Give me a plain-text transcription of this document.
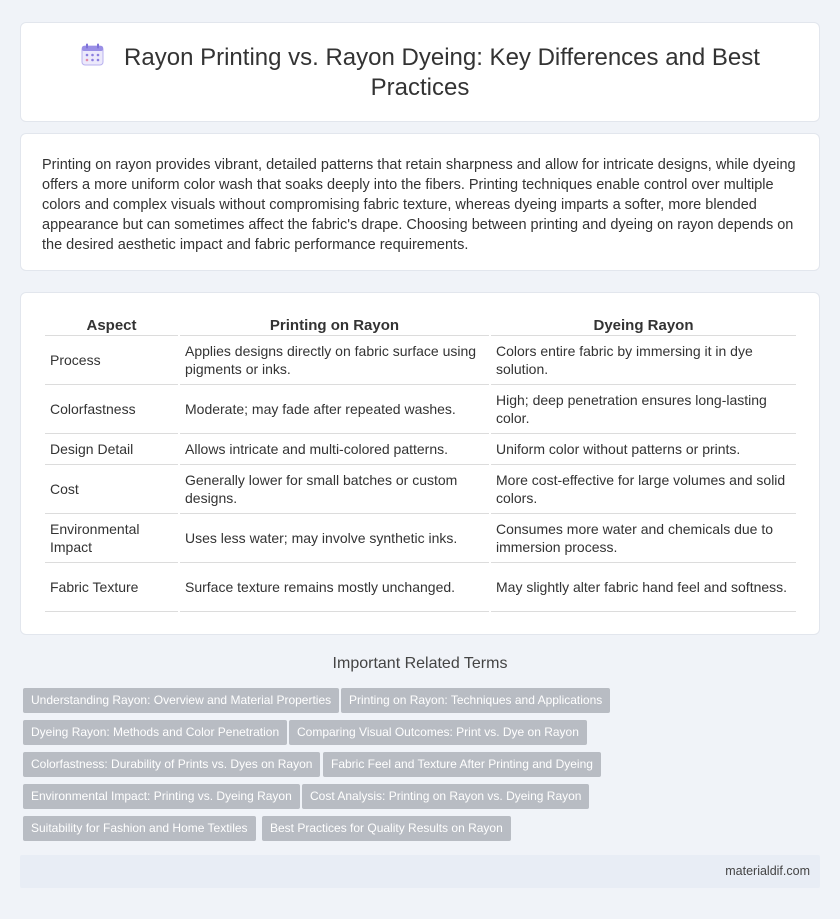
Rayon Printing vs. Rayon Dyeing: Key Differences and Best Practices

Printing on rayon provides vibrant, detailed patterns that retain sharpness and allow for intricate designs, while dyeing offers a more uniform color wash that soaks deeply into the fibers. Printing techniques enable control over multiple colors and complex visuals without compromising fabric texture, whereas dyeing imparts a softer, more blended appearance but can sometimes affect the fabric's drape. Choosing between printing and dyeing on rayon depends on the desired aesthetic impact and fabric performance requirements.

Aspect	Printing on Rayon	Dyeing Rayon
Process	Applies designs directly on fabric surface using pigments or inks.	Colors entire fabric by immersing it in dye solution.
Colorfastness	Moderate; may fade after repeated washes.	High; deep penetration ensures long-lasting color.
Design Detail	Allows intricate and multi-colored patterns.	Uniform color without patterns or prints.
Cost	Generally lower for small batches or custom designs.	More cost-effective for large volumes and solid colors.
Environmental Impact	Uses less water; may involve synthetic inks.	Consumes more water and chemicals due to immersion process.
Fabric Texture	Surface texture remains mostly unchanged.	May slightly alter fabric hand feel and softness.
Important Related Terms
Understanding Rayon: Overview and Material Properties	Printing on Rayon: Techniques and Applications
Dyeing Rayon: Methods and Color Penetration	Comparing Visual Outcomes: Print vs. Dye on Rayon
Colorfastness: Durability of Prints vs. Dyes on Rayon	Fabric Feel and Texture After Printing and Dyeing
Environmental Impact: Printing vs. Dyeing Rayon	Cost Analysis: Printing on Rayon vs. Dyeing Rayon
Suitability for Fashion and Home Textiles	Best Practices for Quality Results on Rayon
materialdif.com
